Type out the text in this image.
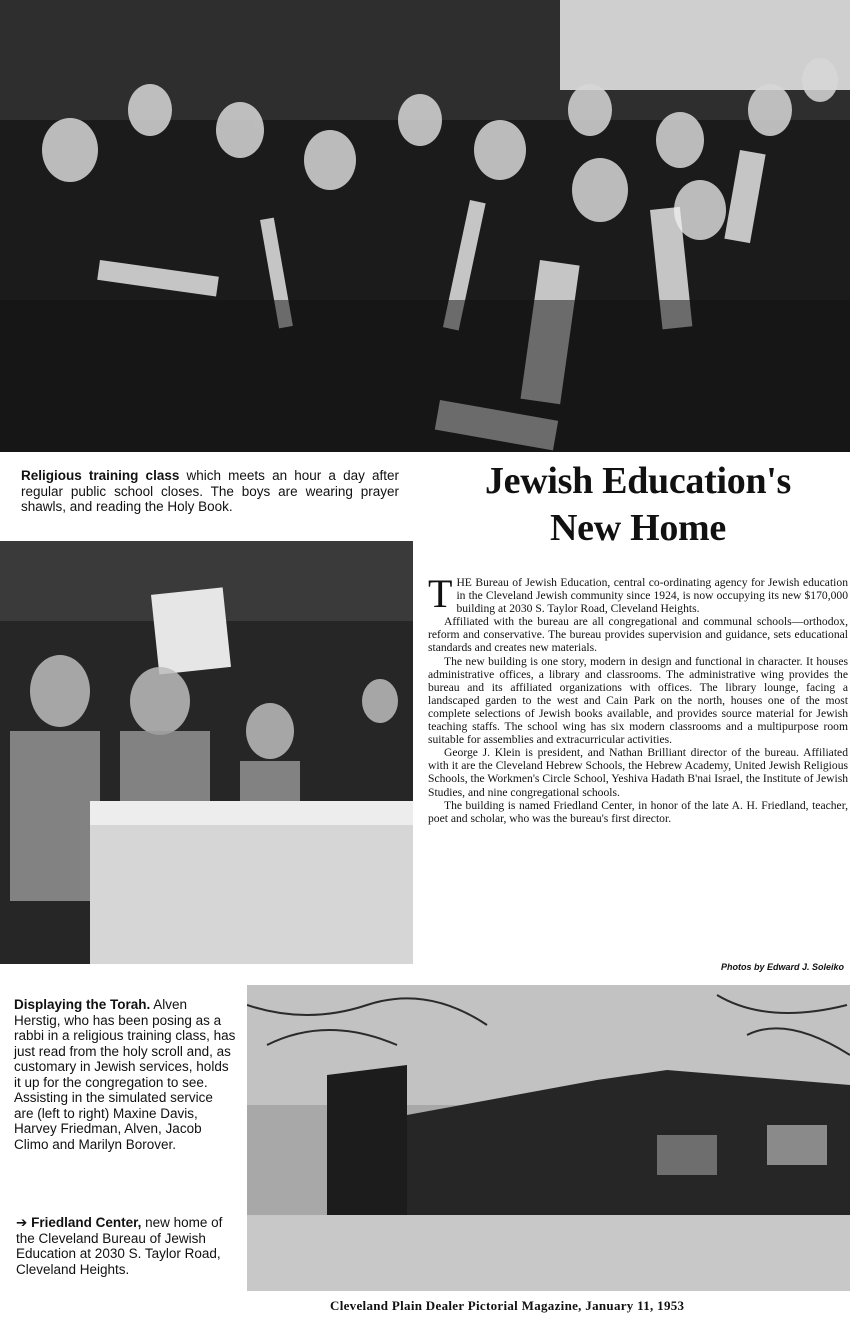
Religious training class which meets an hour a day after regular public school closes. The boys are wearing prayer shawls, and reading the Holy Book.
Jewish Education's
New Home

THE Bureau of Jewish Education, central co-ordinating agency for Jewish education in the Cleveland Jewish community since 1924, is now occupying its new $170,000 building at 2030 S. Taylor Road, Cleveland Heights.

Affiliated with the bureau are all congregational and communal schools—orthodox, reform and conservative. The bureau provides supervision and guidance, sets educational standards and creates new materials.

The new building is one story, modern in design and functional in character. It houses administrative offices, a library and classrooms. The administrative wing provides the bureau and its affiliated organizations with offices. The library lounge, facing a landscaped garden to the west and Cain Park on the north, houses one of the most complete selections of Jewish books available, and provides source material for Jewish teaching staffs. The school wing has six modern classrooms and a multipurpose room suitable for assemblies and extracurricular activities.

George J. Klein is president, and Nathan Brilliant director of the bureau. Affiliated with it are the Cleveland Hebrew Schools, the Hebrew Academy, United Jewish Religious Schools, the Workmen's Circle School, Yeshiva Hadath B'nai Israel, the Institute of Jewish Studies, and nine congregational schools.

The building is named Friedland Center, in honor of the late A. H. Friedland, teacher, poet and scholar, who was the bureau's first director.

Photos by Edward J. Soleiko
Displaying the Torah. Alven Herstig, who has been posing as a rabbi in a religious training class, has just read from the holy scroll and, as customary in Jewish services, holds it up for the congregation to see. Assisting in the simulated service are (left to right) Maxine Davis, Harvey Friedman, Alven, Jacob Climo and Marilyn Borover.
➔ Friedland Center, new home of the Cleveland Bureau of Jewish Education at 2030 S. Taylor Road, Cleveland Heights.
Cleveland Plain Dealer Pictorial Magazine, January 11, 1953
